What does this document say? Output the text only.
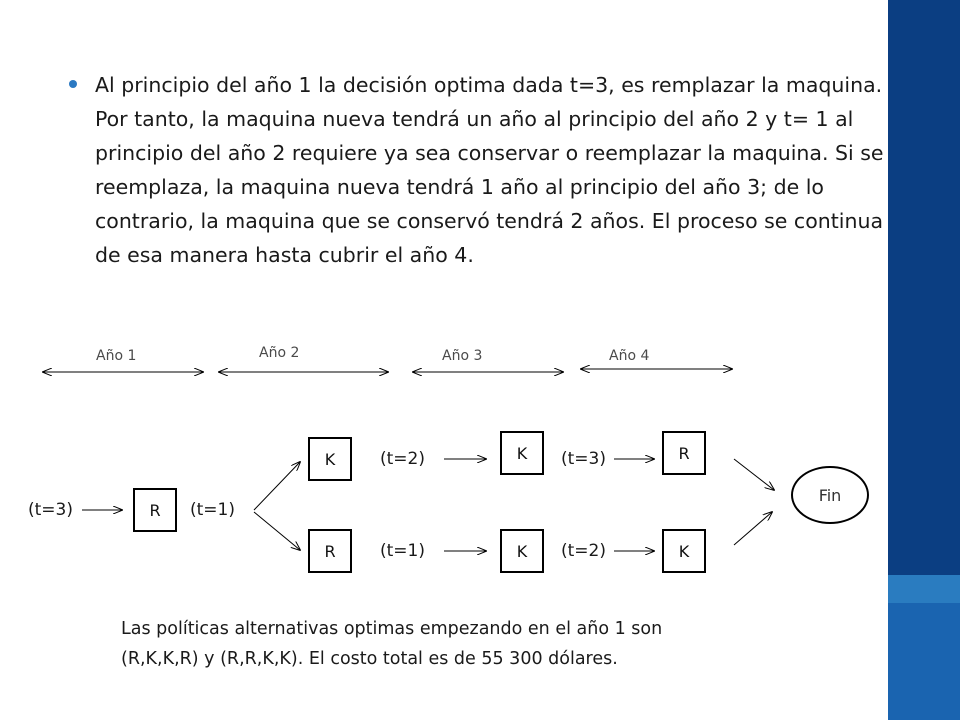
Al principio del año 1 la decisión optima dada t=3, es remplazar la maquina. Por tanto, la maquina nueva tendrá un año al principio del año 2 y t= 1 al principio del año 2 requiere ya sea conservar o reemplazar la maquina. Si se reemplaza, la maquina nueva tendrá 1 año al principio del año 3; de lo contrario, la maquina que se conservó tendrá 2 años. El proceso se continua de esa manera hasta cubrir el año 4.
Año 1	Año 2	Año 3	Año 4
(t=3)	(t=1)
(t=2)	(t=3)
(t=1)	(t=2)
R
K
R
K
K
R
K
Fin
Las políticas alternativas optimas empezando en el año 1 son
(R,K,K,R) y (R,R,K,K). El costo total es de 55 300 dólares.
